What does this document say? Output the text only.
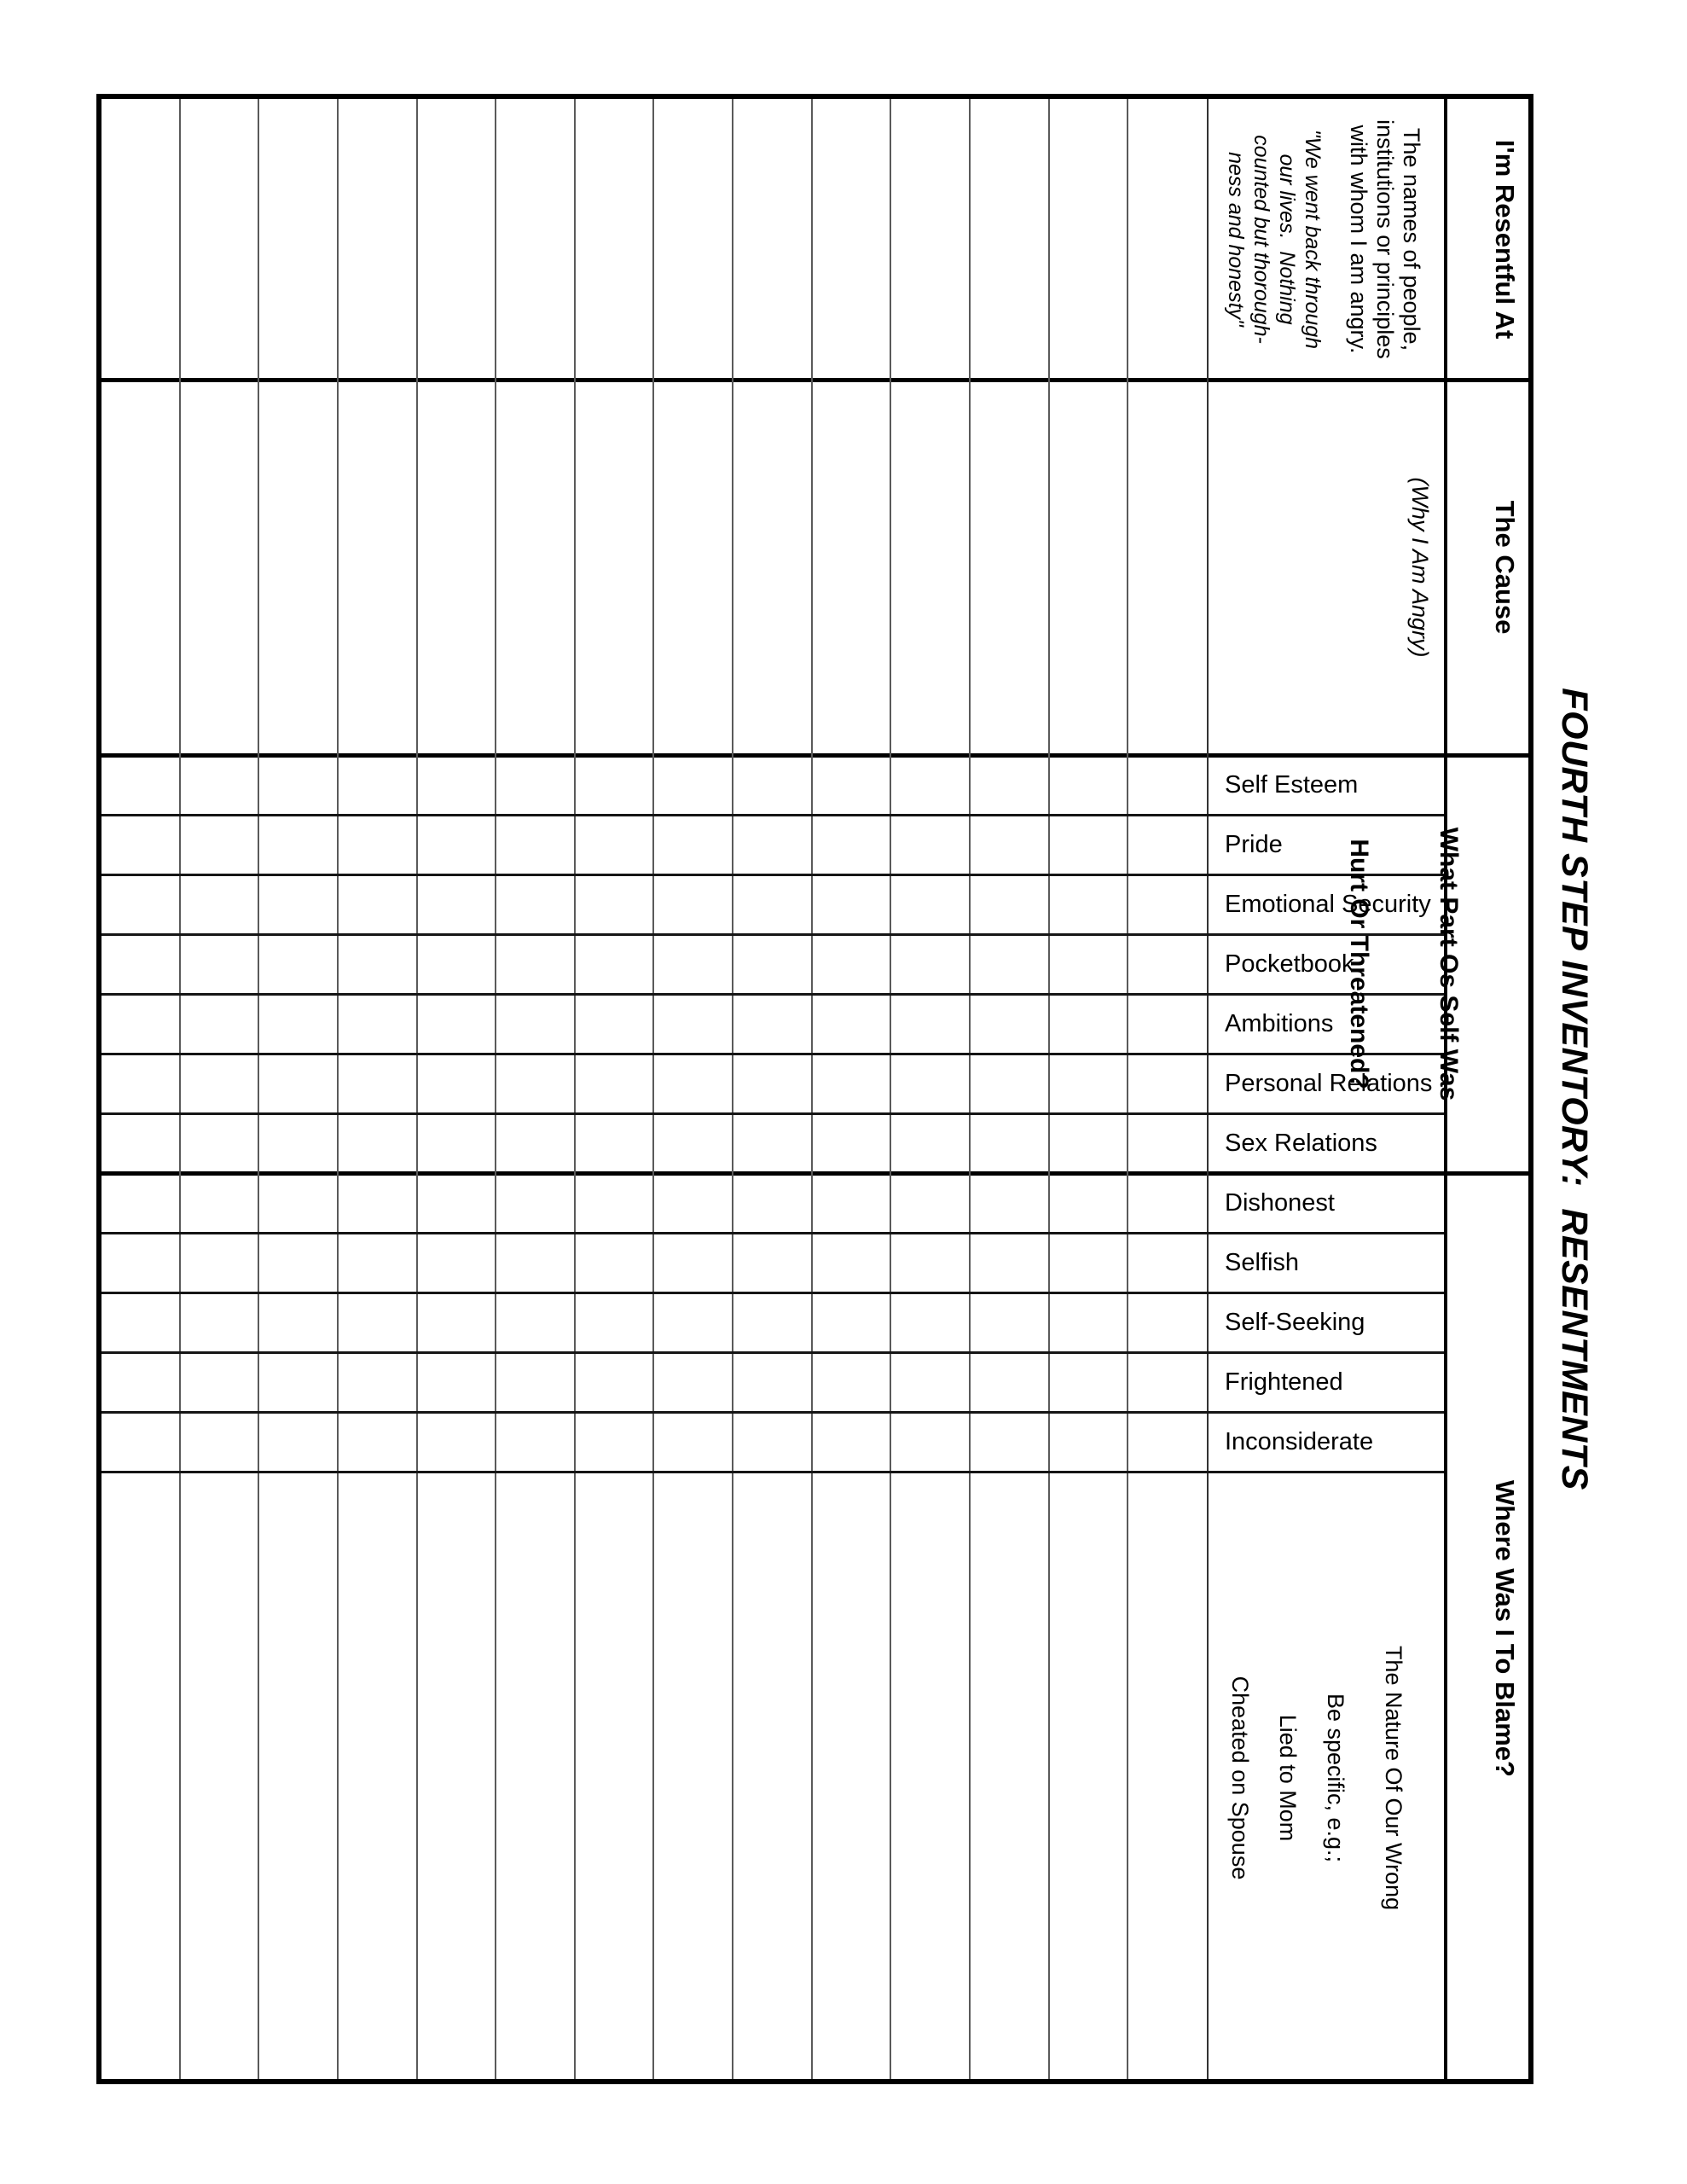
FOURTH STEP INVENTORY:  RESENTMENTS
I'm Resentful At
The Cause

What Part Os Self Was

Hurt Or Threatened?

Where Was I To Blame?
The names of people,
institutions or principles
with whom I am angry.
"We went back through
our lives.  Nothing
counted but thorough-
ness and honesty"
(Why I Am Angry)
The Nature Of Our Wrong
Be specific, e.g.;
Lied to Mom
Cheated on Spouse
Self Esteem
Pride
Emotional Security
Pocketbook
Ambitions
Personal Relations
Sex Relations
Dishonest
Selfish
Self-Seeking
Frightened
Inconsiderate
